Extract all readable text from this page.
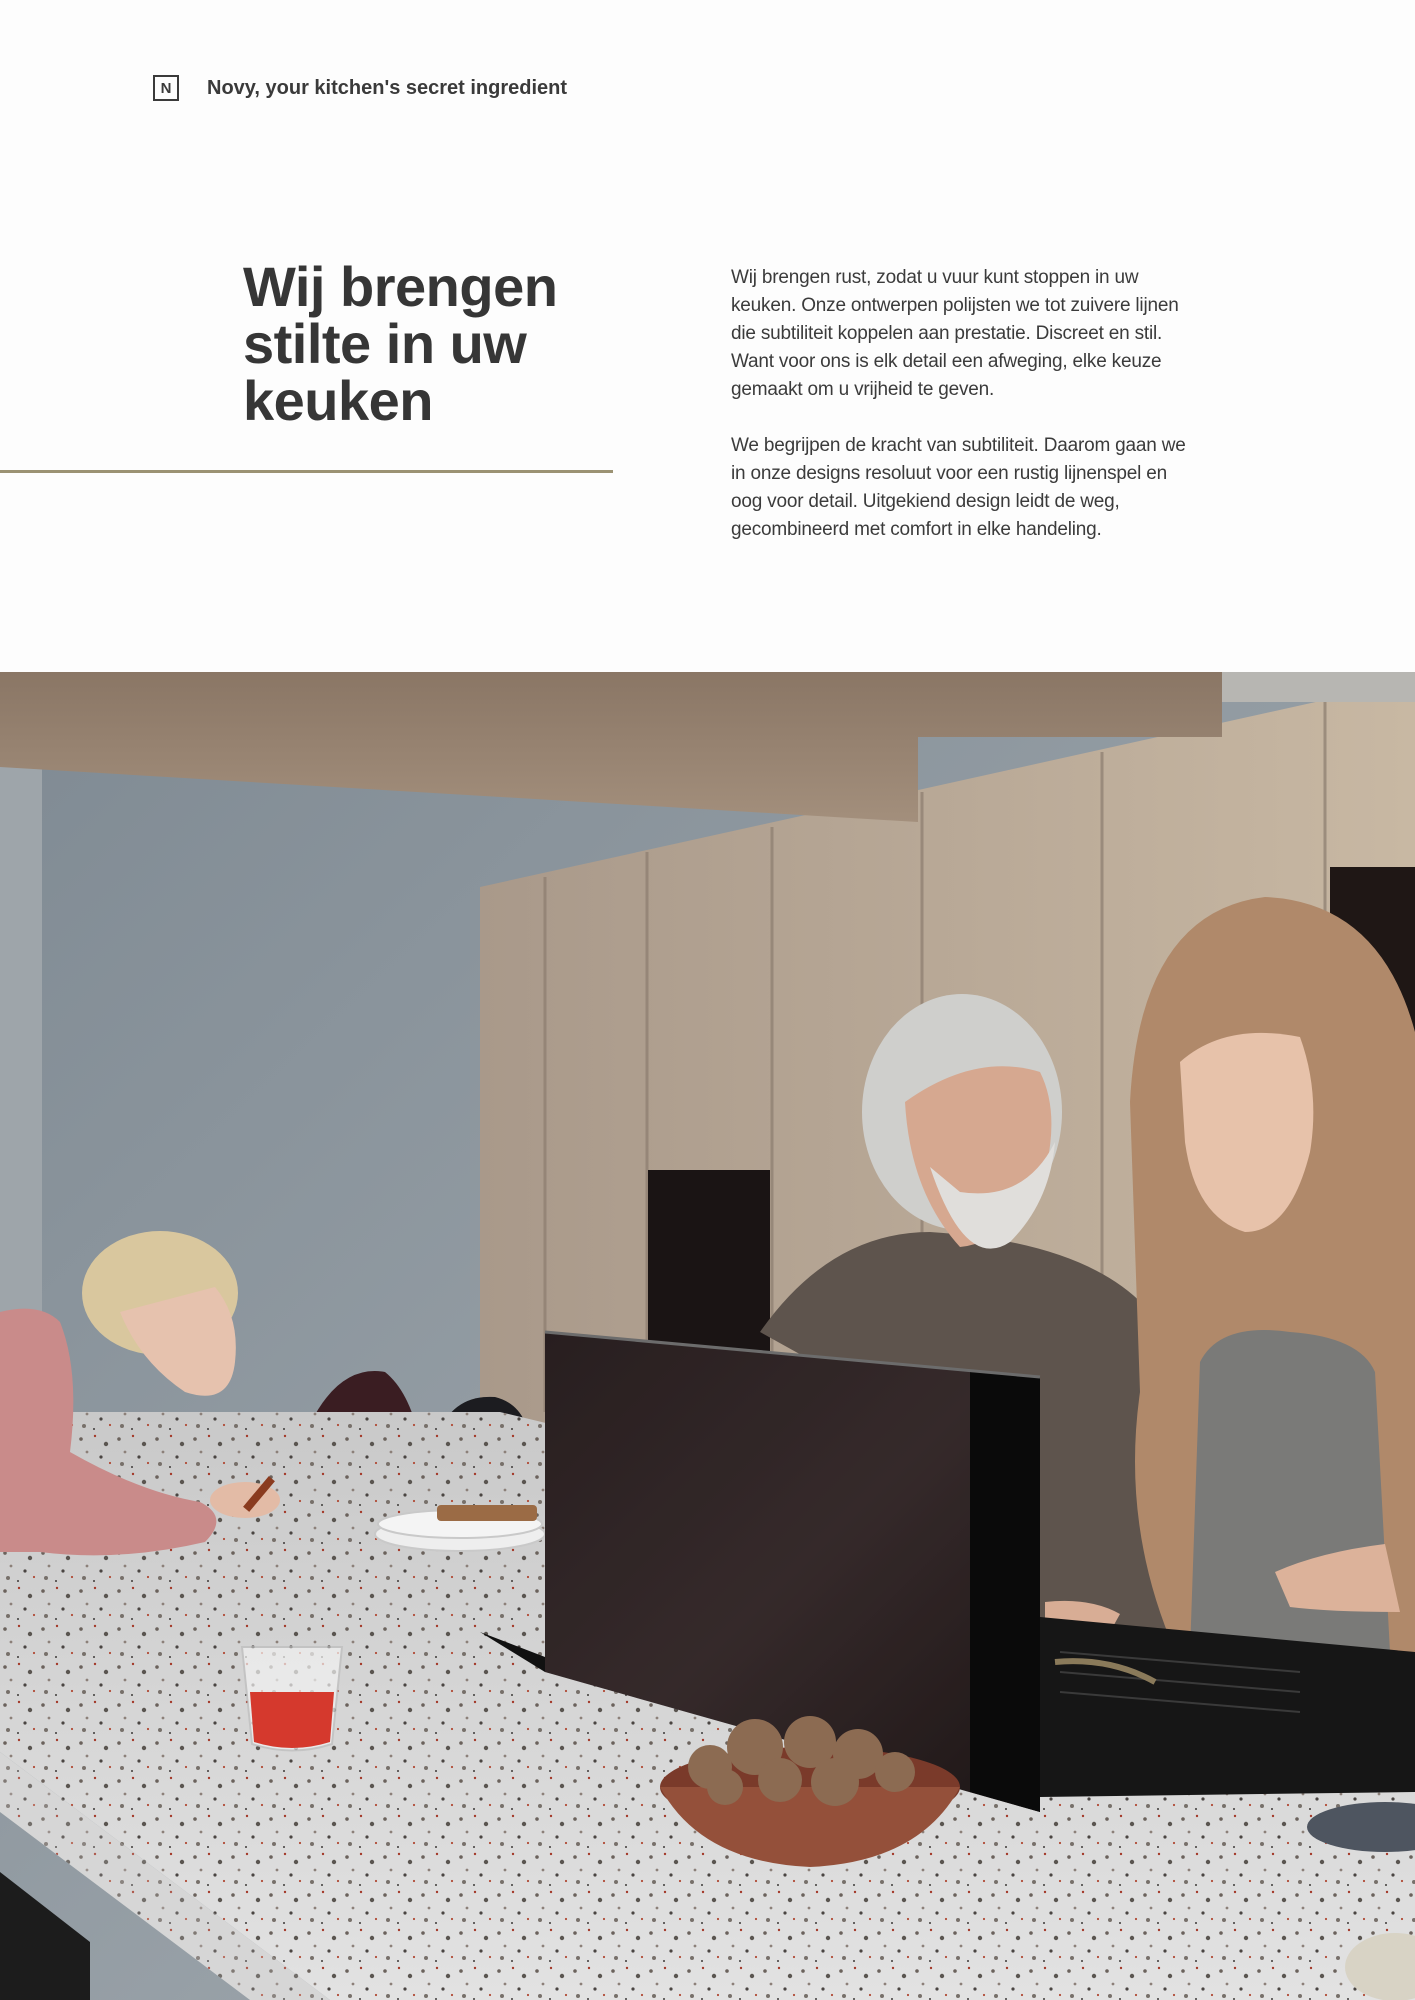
N	Novy, your kitchen's secret ingredient
Wij brengen stilte in uw keuken

Wij brengen rust, zodat u vuur kunt stoppen in uw keuken. Onze ontwerpen polijsten we tot zuivere lijnen die subtiliteit koppelen aan prestatie. Discreet en stil. Want voor ons is elk detail een afweging, elke keuze gemaakt om u vrijheid te geven.

We begrijpen de kracht van subtiliteit. Daarom gaan we in onze designs resoluut voor een rustig lijnenspel en oog voor detail. Uitgekiend design leidt de weg, gecombineerd met comfort in elke handeling.
